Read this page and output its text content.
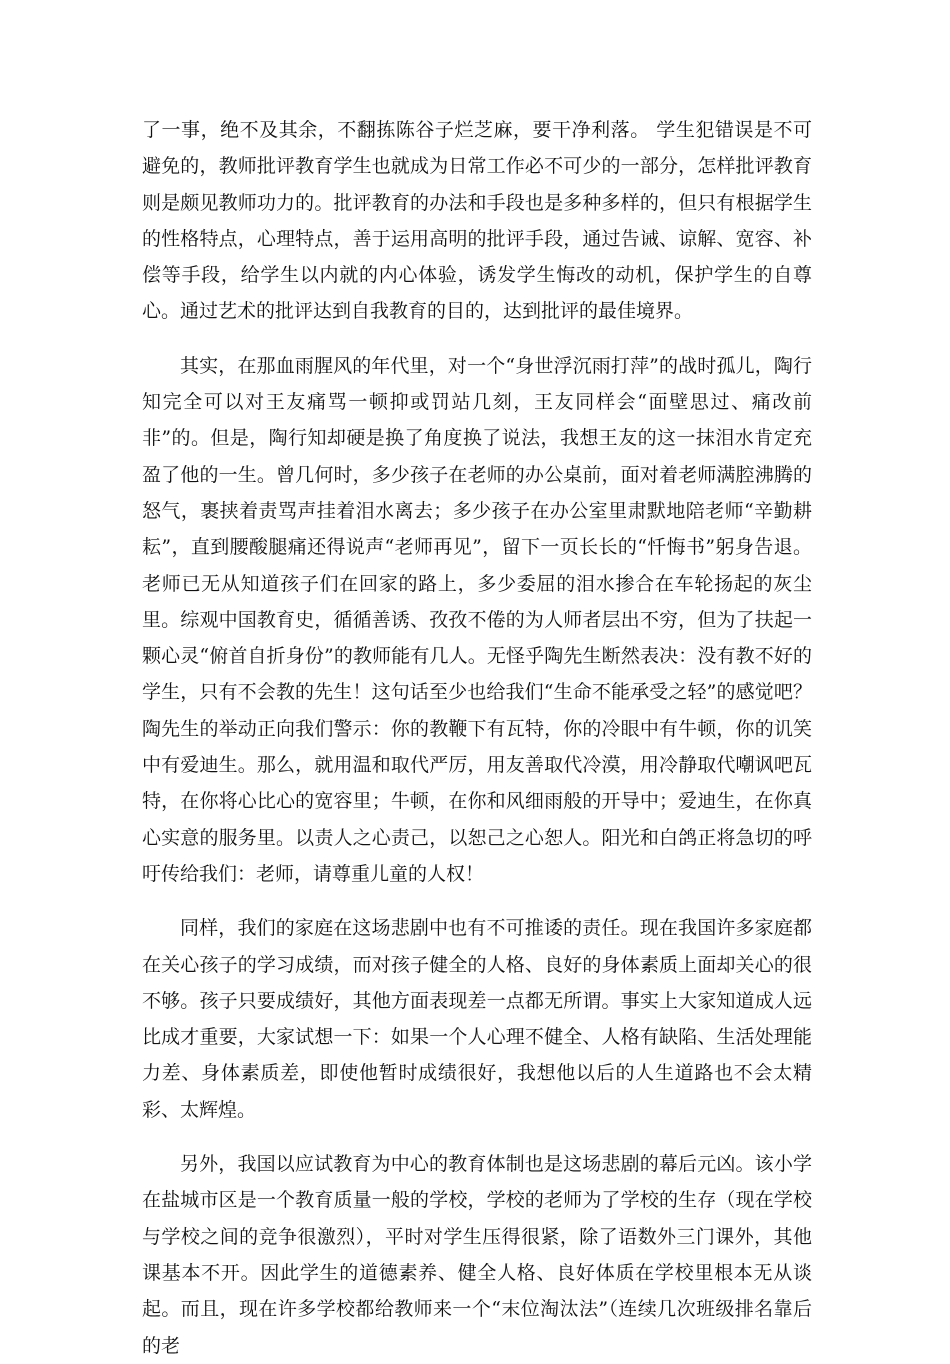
了一事，绝不及其余，不翻拣陈谷子烂芝麻，要干净利落。 学生犯错误是不可避免的，教师批评教育学生也就成为日常工作必不可少的一部分，怎样批评教育则是颇见教师功力的。批评教育的办法和手段也是多种多样的，但只有根据学生的性格特点，心理特点，善于运用高明的批评手段，通过告诫、谅解、宽容、补偿等手段，给学生以内就的内心体验，诱发学生悔改的动机，保护学生的自尊心。通过艺术的批评达到自我教育的目的，达到批评的最佳境界。

其实，在那血雨腥风的年代里，对一个“身世浮沉雨打萍”的战时孤儿，陶行知完全可以对王友痛骂一顿抑或罚站几刻，王友同样会“面壁思过、痛改前非”的。但是，陶行知却硬是换了角度换了说法，我想王友的这一抹泪水肯定充盈了他的一生。曾几何时，多少孩子在老师的办公桌前，面对着老师满腔沸腾的怒气，裹挟着责骂声挂着泪水离去；多少孩子在办公室里肃默地陪老师“辛勤耕耘”，直到腰酸腿痛还得说声“老师再见”，留下一页长长的“忏悔书”躬身告退。老师已无从知道孩子们在回家的路上，多少委屈的泪水掺合在车轮扬起的灰尘里。综观中国教育史，循循善诱、孜孜不倦的为人师者层出不穷，但为了扶起一颗心灵“俯首自折身份”的教师能有几人。无怪乎陶先生断然表决：没有教不好的学生，只有不会教的先生！这句话至少也给我们“生命不能承受之轻”的感觉吧？陶先生的举动正向我们警示：你的教鞭下有瓦特，你的冷眼中有牛顿，你的讥笑中有爱迪生。那么，就用温和取代严厉，用友善取代冷漠，用冷静取代嘲讽吧瓦特，在你将心比心的宽容里；牛顿，在你和风细雨般的开导中；爱迪生，在你真心实意的服务里。以责人之心责己，以恕己之心恕人。阳光和白鸽正将急切的呼吁传给我们：老师，请尊重儿童的人权！

同样，我们的家庭在这场悲剧中也有不可推诿的责任。现在我国许多家庭都在关心孩子的学习成绩，而对孩子健全的人格、良好的身体素质上面却关心的很不够。孩子只要成绩好，其他方面表现差一点都无所谓。事实上大家知道成人远比成才重要，大家试想一下：如果一个人心理不健全、人格有缺陷、生活处理能力差、身体素质差，即使他暂时成绩很好，我想他以后的人生道路也不会太精彩、太辉煌。

另外，我国以应试教育为中心的教育体制也是这场悲剧的幕后元凶。该小学在盐城市区是一个教育质量一般的学校，学校的老师为了学校的生存（现在学校与学校之间的竞争很激烈），平时对学生压得很紧，除了语数外三门课外，其他课基本不开。因此学生的道德素养、健全人格、良好体质在学校里根本无从谈起。而且，现在许多学校都给教师来一个“末位淘汰法”（连续几次班级排名靠后的老
